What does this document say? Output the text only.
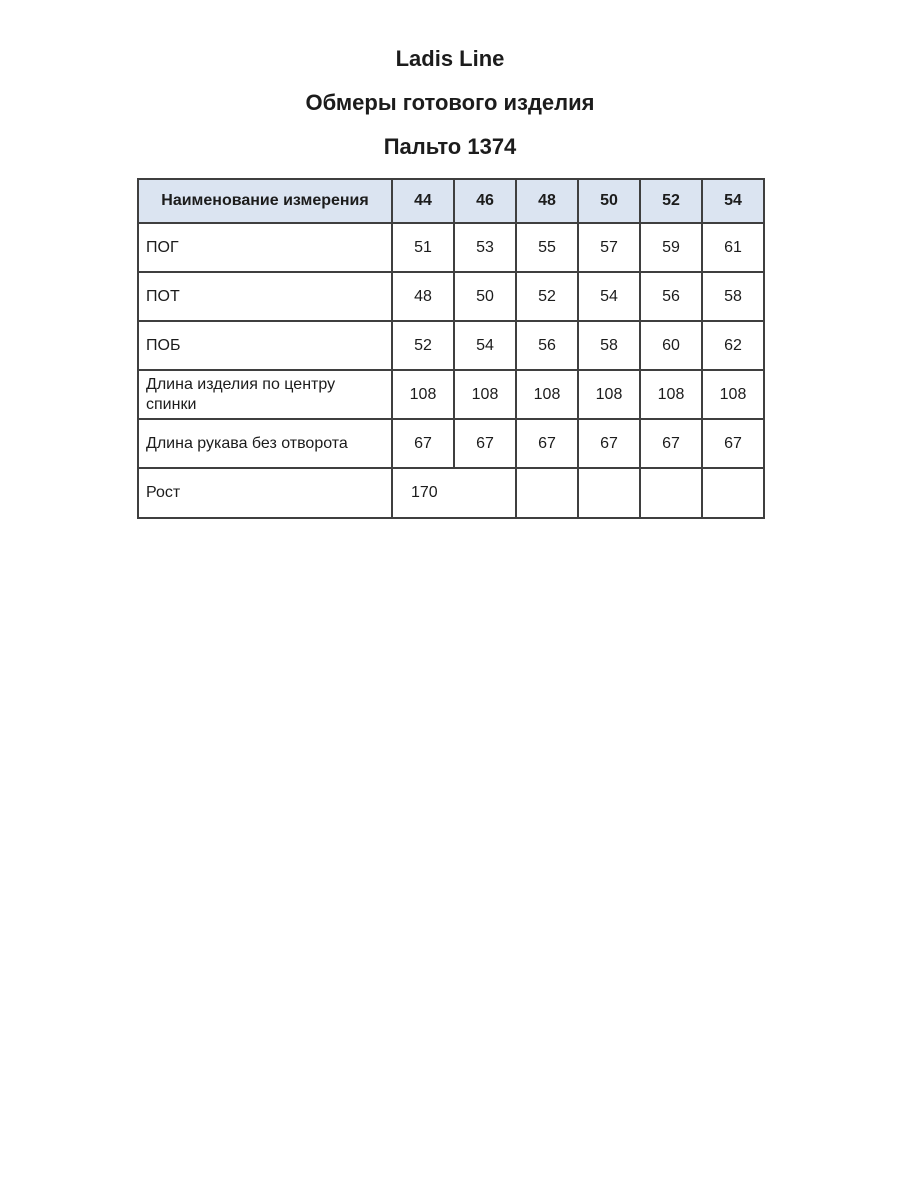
Ladis Line
Обмеры готового изделия
Пальто 1374
Наименование измерения	44	46	48	50	52	54

ПОГ	51	53	55	57	59	61

ПОТ	48	50	52	54	56	58

ПОБ	52	54	56	58	60	62

Длина изделия по центру спинки	108	108	108	108	108	108

Длина рукава без отворота	67	67	67	67	67	67

Рост	170					
